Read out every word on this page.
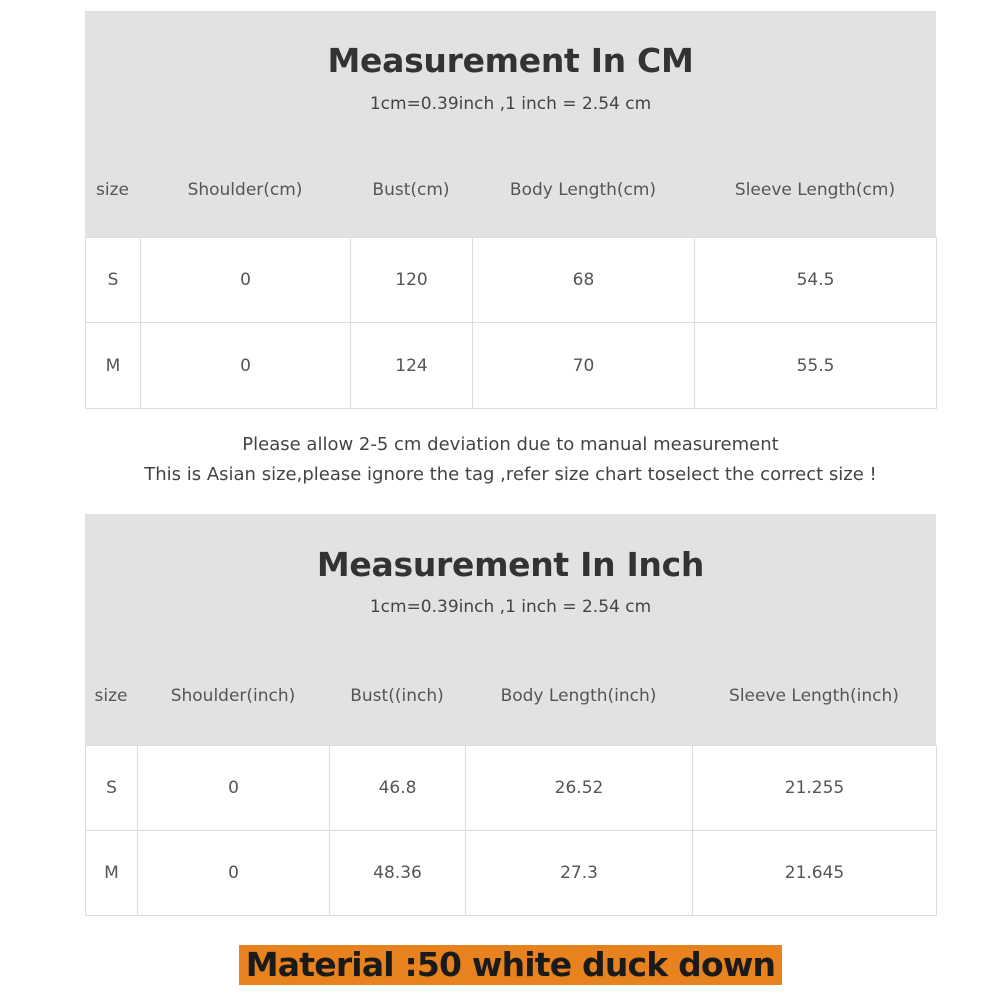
Measurement In CM
1cm=0.39inch ,1 inch = 2.54 cm
size	Shoulder(cm)	Bust(cm)	Body Length(cm)	Sleeve Length(cm)
S	0	120	68	54.5
M	0	124	70	55.5
Please allow 2-5 cm deviation due to manual measurement
This is Asian size,please ignore the tag ,refer size chart toselect the correct size !
Measurement In Inch
1cm=0.39inch ,1 inch = 2.54 cm
size	Shoulder(inch)	Bust((inch)	Body Length(inch)	Sleeve Length(inch)
S	0	46.8	26.52	21.255
M	0	48.36	27.3	21.645
Material :50 white duck down
